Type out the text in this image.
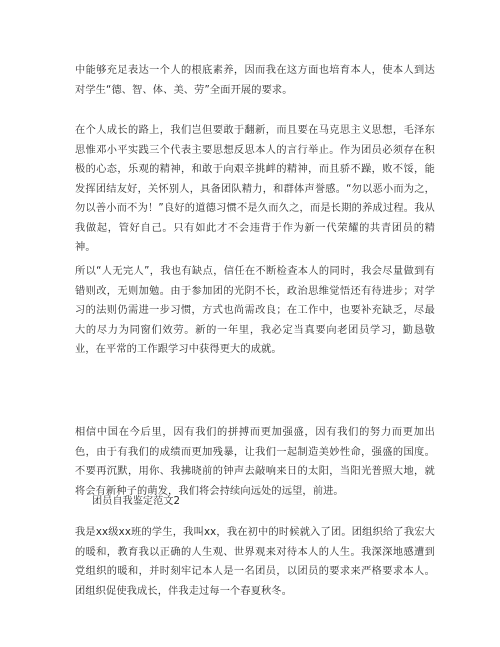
中能够充足表达一个人的根底素养，因而我在这方面也培育本人，使本人到达对学生“德、智、体、美、劳”全面开展的要求。

在个人成长的路上，我们岂但要敢于翻新，而且要在马克思主义思想，毛泽东思惟邓小平实践三个代表主要思想反思本人的言行举止。作为团员必须存在积极的心态，乐观的精神，和敢于向艰辛挑衅的精神，而且骄不躁，败不馁，能发挥团结友好，关怀别人，具备团队精力，和群体声誉感。“勿以恶小而为之，勿以善小而不为！”良好的道德习惯不是久而久之，而是长期的养成过程。我从我做起，管好自己。只有如此才不会违背于作为新一代荣耀的共青团员的精神。

所以“人无完人”，我也有缺点，信任在不断检查本人的同时，我会尽量做到有错则改，无则加勉。由于参加团的光阴不长，政治思维觉悟还有待进步；对学习的法则仍需进一步习惯，方式也尚需改良；在工作中，也要补充缺乏，尽最大的尽力为同窗们效劳。新的一年里，我必定当真要向老团员学习，勤恳敬业，在平常的工作跟学习中获得更大的成就。

相信中国在今后里，因有我们的拼搏而更加强盛，因有我们的努力而更加出色，由于有我们的成绩而更加残暴，让我们一起制造美妙性命，强盛的国度。不要再沉默，用你、我拂晓前的钟声去敲响来日的太阳，当阳光普照大地，就将会有新种子的萌发，我们将会持续向远处的远望，前进。

团员自我鉴定范文2

我是xx级xx班的学生，我叫xx，我在初中的时候就入了团。团组织给了我宏大的暖和，教育我以正确的人生观、世界观来对待本人的人生。我深深地感遭到党组织的暖和，并时刻牢记本人是一名团员，以团员的要求来严格要求本人。团组织促使我成长，伴我走过每一个春夏秋冬。
